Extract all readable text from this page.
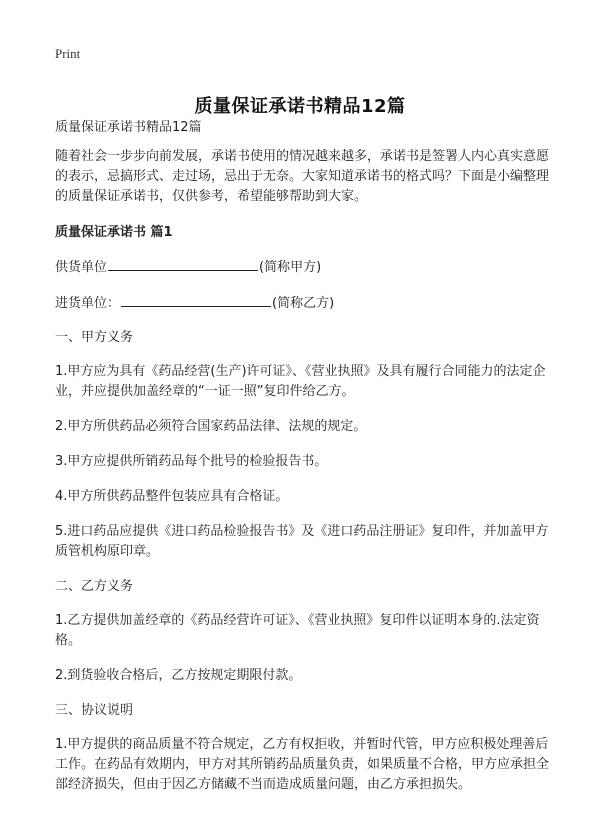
Print
质量保证承诺书精品12篇

质量保证承诺书精品12篇

随着社会一步步向前发展，承诺书使用的情况越来越多，承诺书是签署人内心真实意愿的表示，忌搞形式、走过场，忌出于无奈。大家知道承诺书的格式吗？下面是小编整理的质量保证承诺书，仅供参考，希望能够帮助到大家。

质量保证承诺书 篇1

供货单位	(简称甲方)

进货单位：	(简称乙方)

一、甲方义务

1.甲方应为具有《药品经营(生产)许可证》、《营业执照》及具有履行合同能力的法定企业，并应提供加盖经章的“一证一照”复印件给乙方。

2.甲方所供药品必须符合国家药品法律、法规的规定。

3.甲方应提供所销药品每个批号的检验报告书。

4.甲方所供药品整件包装应具有合格证。

5.进口药品应提供《进口药品检验报告书》及《进口药品注册证》复印件，并加盖甲方质管机构原印章。

二、乙方义务

1.乙方提供加盖经章的《药品经营许可证》、《营业执照》复印件以证明本身的.法定资格。

2.到货验收合格后，乙方按规定期限付款。

三、协议说明

1.甲方提供的商品质量不符合规定，乙方有权拒收，并暂时代管，甲方应积极处理善后工作。在药品有效期内，甲方对其所销药品质量负责，如果质量不合格，甲方应承担全部经济损失，但由于因乙方储藏不当而造成质量问题，由乙方承担损失。
